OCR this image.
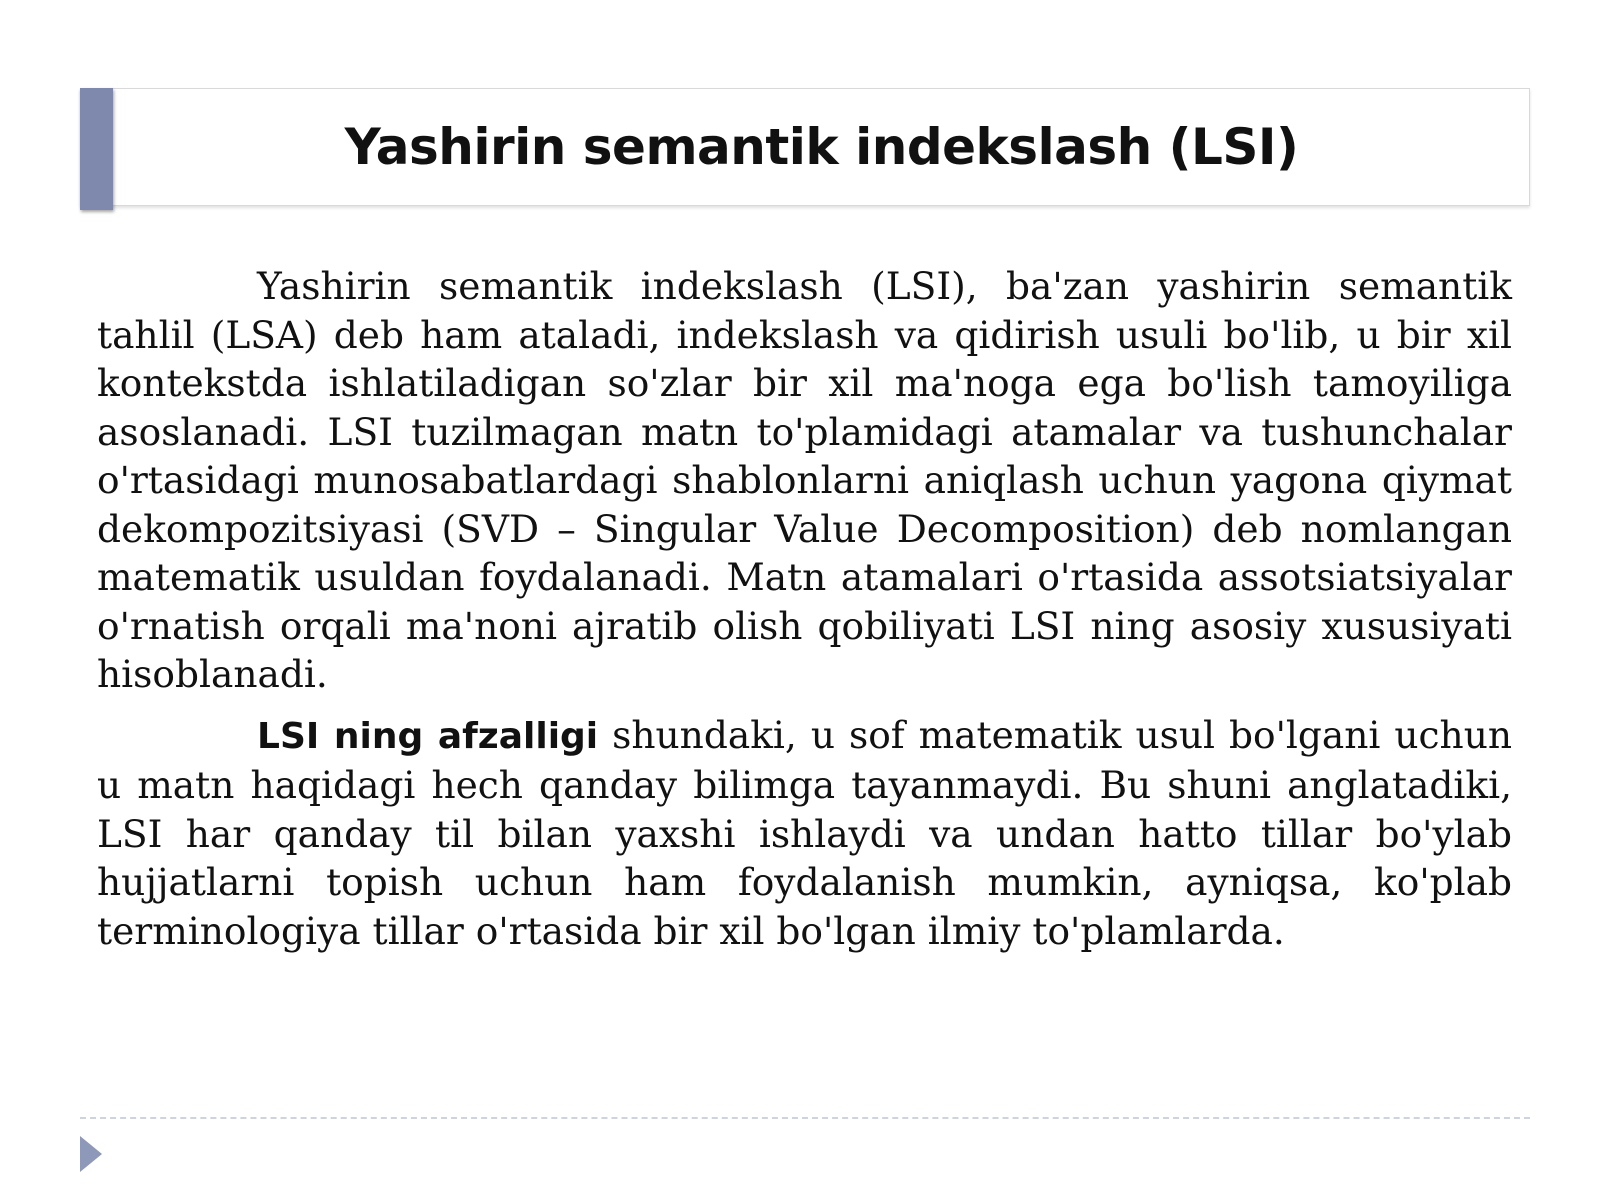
Yashirin semantik indekslash (LSI)

Yashirin semantik indekslash (LSI), ba'zan yashirin semantik tahlil (LSA) deb ham ataladi, indekslash va qidirish usuli bo'lib, u bir xil kontekstda ishlatiladigan so'zlar bir xil ma'noga ega bo'lish tamoyiliga asoslanadi. LSI tuzilmagan matn to'plamidagi atamalar va tushunchalar o'rtasidagi munosabatlardagi shablonlarni aniqlash uchun yagona qiymat dekompozitsiyasi (SVD – Singular Value Decomposition) deb nomlangan matematik usuldan foydalanadi. Matn atamalari o'rtasida assotsiatsiyalar o'rnatish orqali ma'noni ajratib olish qobiliyati LSI ning asosiy xususiyati hisoblanadi.

LSI ning afzalligi shundaki, u sof matematik usul bo'lgani uchun u matn haqidagi hech qanday bilimga tayanmaydi. Bu shuni anglatadiki, LSI har qanday til bilan yaxshi ishlaydi va undan hatto tillar bo'ylab hujjatlarni topish uchun ham foydalanish mumkin, ayniqsa, ko'plab terminologiya tillar o'rtasida bir xil bo'lgan ilmiy to'plamlarda.
